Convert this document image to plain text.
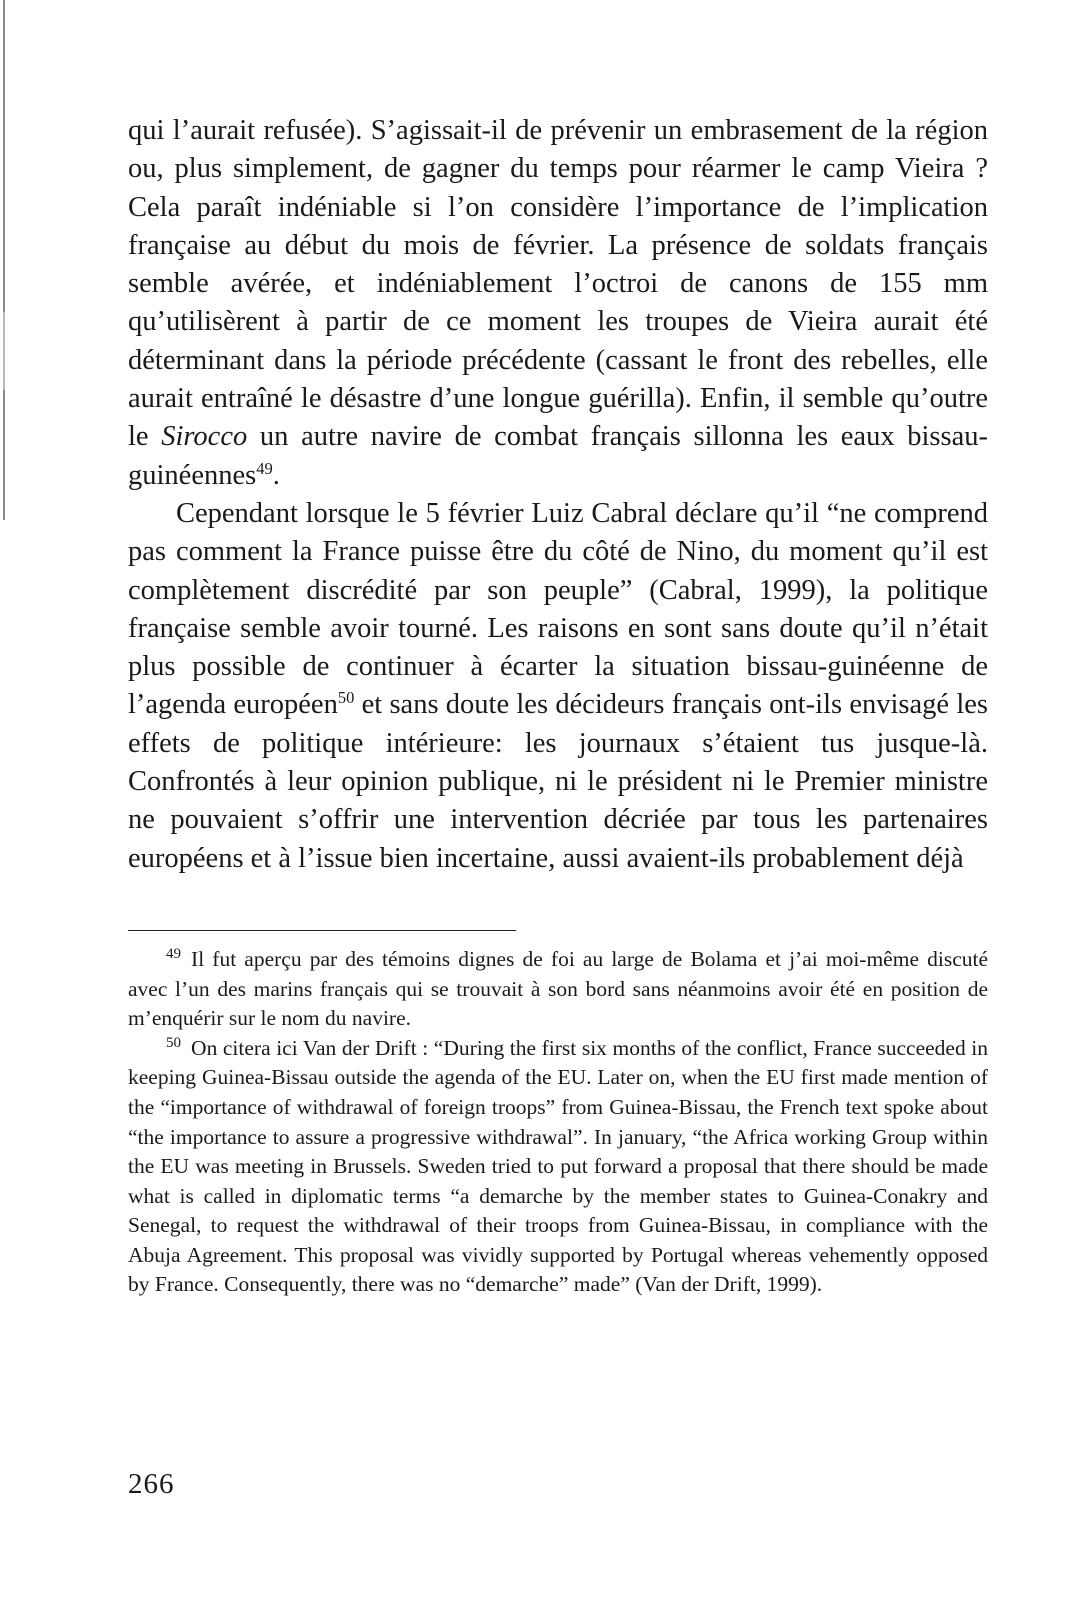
qui l’aurait refusée). S’agissait-il de prévenir un embrasement de la région ou, plus simplement, de gagner du temps pour réarmer le camp Vieira ? Cela paraît indéniable si l’on considère l’importance de l’implication française au début du mois de février. La présence de soldats français semble avérée, et indéniablement l’octroi de canons de 155 mm qu’utilisèrent à partir de ce moment les troupes de Vieira aurait été déterminant dans la période précédente (cassant le front des rebelles, elle aurait entraîné le désastre d’une longue guérilla). Enfin, il semble qu’outre le Sirocco un autre navire de combat français sillonna les eaux bissau-guinéennes$^{49}$.

Cependant lorsque le 5 février Luiz Cabral déclare qu’il “ne comprend pas comment la France puisse être du côté de Nino, du moment qu’il est complètement discrédité par son peuple” (Cabral, 1999), la politique française semble avoir tourné. Les raisons en sont sans doute qu’il n’était plus possible de continuer à écarter la situation bissau-guinéenne de l’agenda européen$^{50}$ et sans doute les décideurs français ont-ils envisagé les effets de politique intérieure: les journaux s’étaient tus jusque-là. Confrontés à leur opinion publique, ni le président ni le Premier ministre ne pouvaient s’offrir une intervention décriée par tous les partenaires européens et à l’issue bien incertaine, aussi avaient-ils probablement déjà

$^{49}$ Il fut aperçu par des témoins dignes de foi au large de Bolama et j’ai moi-même discuté avec l’un des marins français qui se trouvait à son bord sans néanmoins avoir été en position de m’enquérir sur le nom du navire.

$^{50}$ On citera ici Van der Drift : “During the first six months of the conflict, France succeeded in keeping Guinea-Bissau outside the agenda of the EU. Later on, when the EU first made mention of the “importance of withdrawal of foreign troops” from Guinea-Bissau, the French text spoke about “the importance to assure a progressive withdrawal”. In january, “the Africa working Group within the EU was meeting in Brussels. Sweden tried to put forward a proposal that there should be made what is called in diplomatic terms “a demarche by the member states to Guinea-Conakry and Senegal, to request the withdrawal of their troops from Guinea-Bissau, in compliance with the Abuja Agreement. This proposal was vividly supported by Portugal whereas vehemently opposed by France. Consequently, there was no “demarche” made” (Van der Drift, 1999).

266
